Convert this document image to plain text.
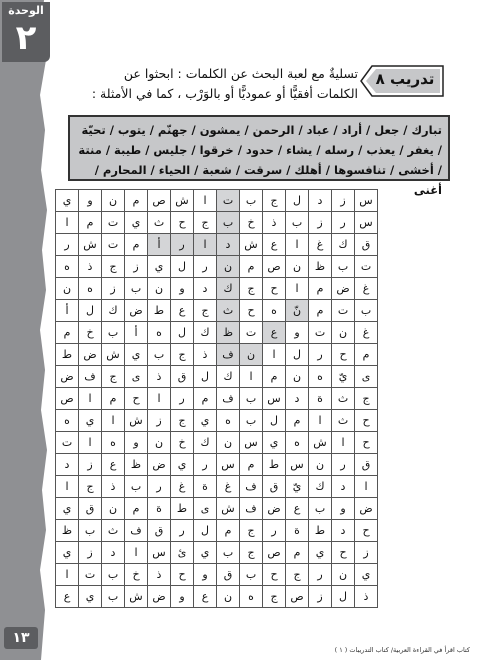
الوحدة
٢
تدريب ٨
تسليةٌ مع لعبة البحث عن الكلمات : ابحثوا عن الكلمات أفقيًّا أو عموديًّا أو بالوَرْب ، كما في الأمثلة :
تبارك / جعل / أراد / عباد / الرحمن / يمشون / جهنّم / يتوب / تحيّة / يغفر / يعذب / رسله / يشاء / حدود / خرقوا / جليس / طيبة / منتة / أخشى / تنافسوها / أهلك / سرقت / شعبة / الحياء / المحارم / أغنى
ي	و	ن	م	ص	ش	ا	ت	ب	ج	ل	د	ز	س
ا	م	ت	ي	ث	ح	ج	ب	خ	ذ	ب	ز	ر	س
ر	ش	ت	م	أ	ر	ا	د	ش	ع	ا	غ	ك	ق
ه	ذ	ج	ز	ي	ل	ر	ن	م	ص	ن	ظ	ب	ت
ن	ه	ز	ب	ن	و	د	ك	ج	ح	ا	م	ض	غ
أ	ل	ك	ض	ط	ع	ج	ث	ح	ه	نّ	م	ت	ب
م	خ	ب	أ	ه	ل	ك	ظ	ت	ع	و	ت	ن	غ
ط	ض	ش	ي	ب	ج	ذ	ف	ن	ا	ل	ر	ح	م
ض	ف	ج	ى	ذ	ق	ل	ك	ا	م	ن	ه	يّ	ى
ص	ا	م	ح	ا	ر	م	ف	ب	س	د	ة	ث	ج
ه	ي	ا	ش	ز	ج	ي	ه	ب	ل	م	ا	ث	ح
ت	ا	ه	و	ن	خ	ك	ن	س	ي	ه	ش	ا	ح
د	ز	ع	ظ	ض	ي	ر	س	م	ط	س	ن	ر	ق
ا	ج	ذ	ب	ر	غ	ة	غ	ف	ق	يّ	ك	د	ا
ي	ق	ن	م	ة	ط	ى	ش	ف	ض	ع	ب	و	ض
ظ	ب	ث	ف	ق	ر	ل	م	ج	ر	ة	ط	د	ح
ي	ز	د	ا	س	ئ	ي	ب	ج	ص	م	ي	ح	ز
ا	ت	ب	خ	ذ	ح	و	ق	ب	ح	ج	ر	ن	ي
ع	ي	ب	ش	ض	و	ع	ن	ه	ج	ص	ز	ل	ذ
١٣
كتاب اقرأ في القراءة العربية/ كتاب التدريبات ( ١ )
